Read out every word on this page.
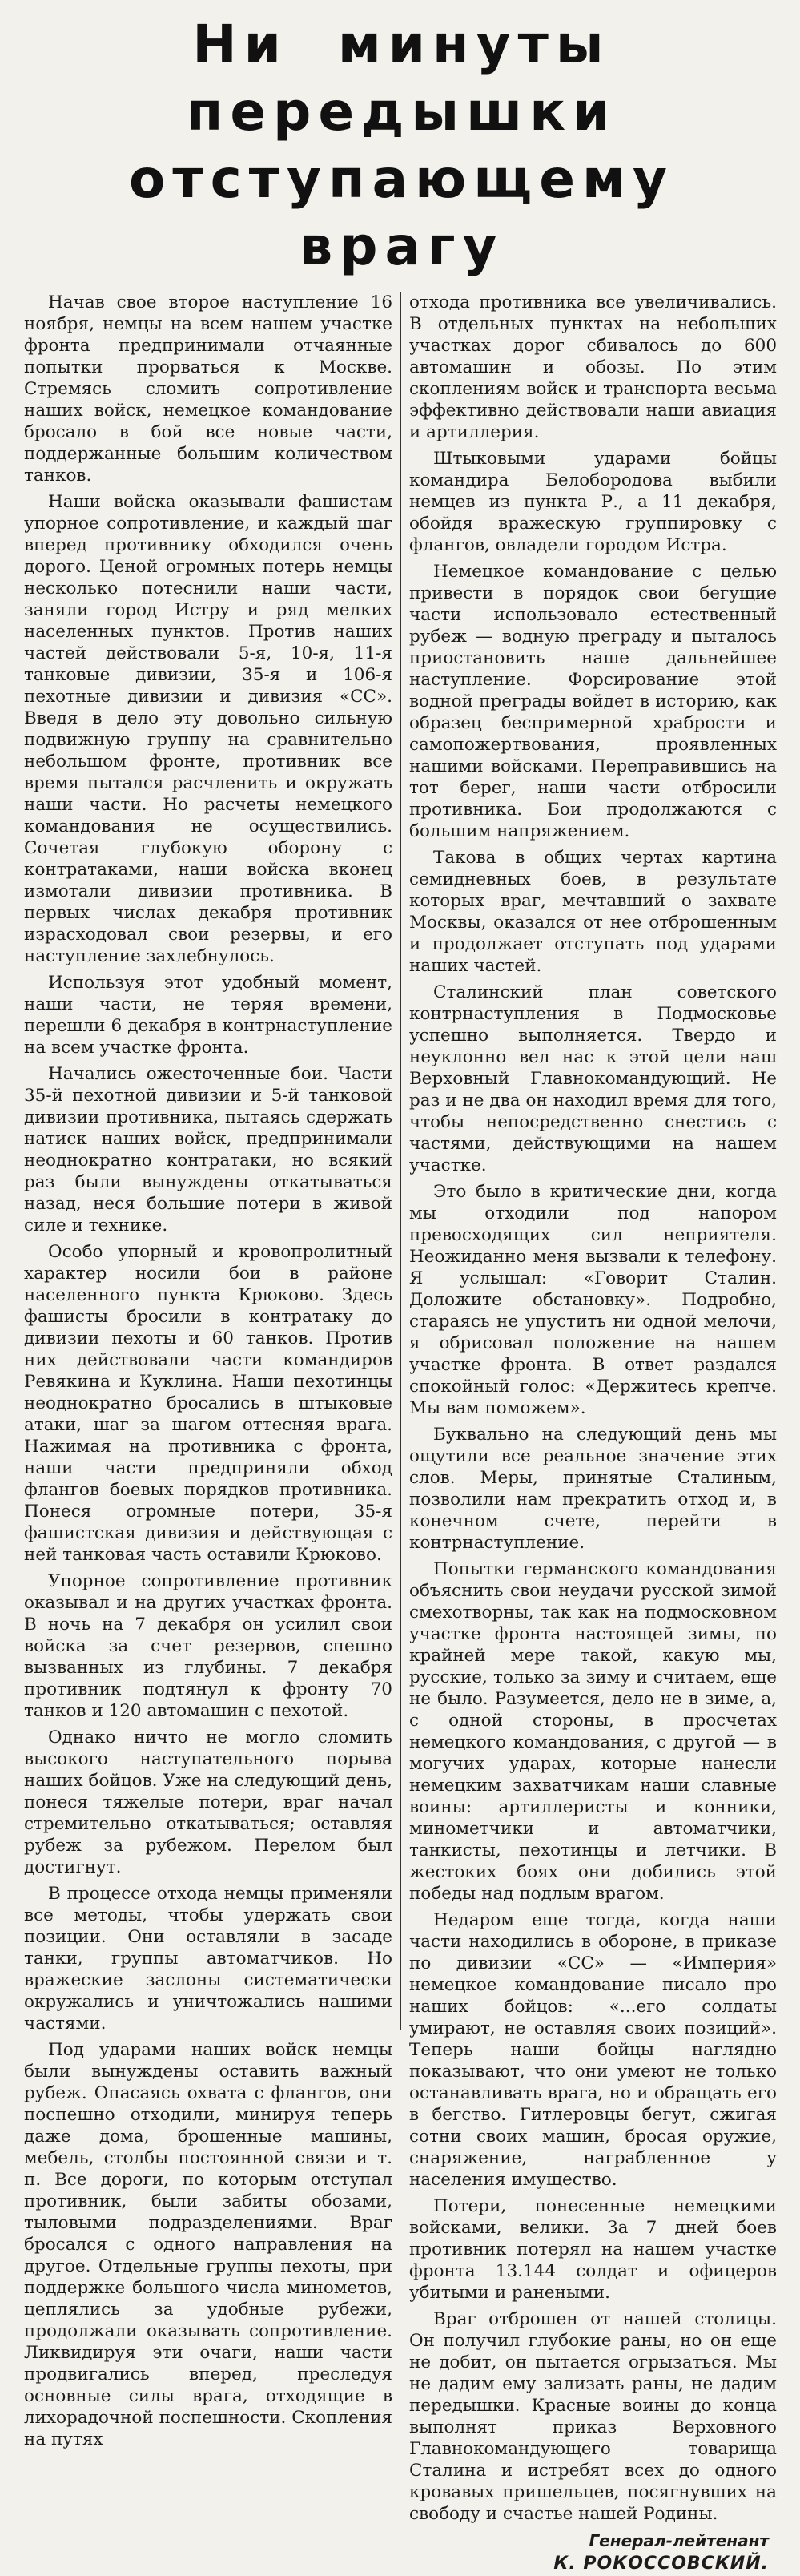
Ни минуты передышки
отступающему врагу

Начав свое второе наступление 16 ноября, немцы на всем нашем участке фронта предпринимали отчаянные попытки прорваться к Москве. Стремясь сломить сопротивление наших войск, немецкое командование бросало в бой все новые части, поддержанные большим количеством танков.

Наши войска оказывали фашистам упорное сопротивление, и каждый шаг вперед противнику обходился очень дорого. Ценой огромных потерь немцы несколько потеснили наши части, заняли город Истру и ряд мелких населенных пунктов. Против наших частей действовали 5-я, 10-я, 11-я танковые дивизии, 35-я и 106-я пехотные дивизии и дивизия «СС». Введя в дело эту довольно сильную подвижную группу на сравнительно небольшом фронте, противник все время пытался расчленить и окружать наши части. Но расчеты немецкого командования не осуществились. Сочетая глубокую оборону с контратаками, наши войска вконец измотали дивизии противника. В первых числах декабря противник израсходовал свои резервы, и его наступление захлебнулось.

Используя этот удобный момент, наши части, не теряя времени, перешли 6 декабря в контрнаступление на всем участке фронта.

Начались ожесточенные бои. Части 35-й пехотной дивизии и 5-й танковой дивизии противника, пытаясь сдержать натиск наших войск, предпринимали неоднократно контратаки, но всякий раз были вынуждены откатываться назад, неся большие потери в живой силе и технике.

Особо упорный и кровопролитный характер носили бои в районе населенного пункта Крюково. Здесь фашисты бросили в контратаку до дивизии пехоты и 60 танков. Против них действовали части командиров Ревякина и Куклина. Наши пехотинцы неоднократно бросались в штыковые атаки, шаг за шагом оттесняя врага. Нажимая на противника с фронта, наши части предприняли обход флангов боевых порядков противника. Понеся огромные потери, 35-я фашистская дивизия и действующая с ней танковая часть оставили Крюково.

Упорное сопротивление противник оказывал и на других участках фронта. В ночь на 7 декабря он усилил свои войска за счет резервов, спешно вызванных из глубины. 7 декабря противник подтянул к фронту 70 танков и 120 автомашин с пехотой.

Однако ничто не могло сломить высокого наступательного порыва наших бойцов. Уже на следующий день, понеся тяжелые потери, враг начал стремительно откатываться; оставляя рубеж за рубежом. Перелом был достигнут.

В процессе отхода немцы применяли все методы, чтобы удержать свои позиции. Они оставляли в засаде танки, группы автоматчиков. Но вражеские заслоны систематически окружались и уничтожались нашими частями.

Под ударами наших войск немцы были вынуждены оставить важный рубеж. Опасаясь охвата с флангов, они поспешно отходили, минируя теперь даже дома, брошенные машины, мебель, столбы постоянной связи и т. п. Все дороги, по которым отступал противник, были забиты обозами, тыловыми подразделениями. Враг бросался с одного направления на другое. Отдельные группы пехоты, при поддержке большого числа минометов, цеплялись за удобные рубежи, продолжали оказывать сопротивление. Ликвидируя эти очаги, наши части продвигались вперед, преследуя основные силы врага, отходящие в лихорадочной поспешности. Скопления на путях

отхода противника все увеличивались. В отдельных пунктах на небольших участках дорог сбивалось до 600 автомашин и обозы. По этим скоплениям войск и транспорта весьма эффективно действовали наши авиация и артиллерия.

Штыковыми ударами бойцы командира Белобородова выбили немцев из пункта Р., а 11 декабря, обойдя вражескую группировку с флангов, овладели городом Истра.

Немецкое командование с целью привести в порядок свои бегущие части использовало естественный рубеж — водную преграду и пыталось приостановить наше дальнейшее наступление. Форсирование этой водной преграды войдет в историю, как образец беспримерной храбрости и самопожертвования, проявленных нашими войсками. Переправившись на тот берег, наши части отбросили противника. Бои продолжаются с большим напряжением.

Такова в общих чертах картина семидневных боев, в результате которых враг, мечтавший о захвате Москвы, оказался от нее отброшенным и продолжает отступать под ударами наших частей.

Сталинский план советского контрнаступления в Подмосковье успешно выполняется. Твердо и неуклонно вел нас к этой цели наш Верховный Главнокомандующий. Не раз и не два он находил время для того, чтобы непосредственно снестись с частями, действующими на нашем участке.

Это было в критические дни, когда мы отходили под напором превосходящих сил неприятеля. Неожиданно меня вызвали к телефону. Я услышал: «Говорит Сталин. Доложите обстановку». Подробно, стараясь не упустить ни одной мелочи, я обрисовал положение на нашем участке фронта. В ответ раздался спокойный голос: «Держитесь крепче. Мы вам поможем».

Буквально на следующий день мы ощутили все реальное значение этих слов. Меры, принятые Сталиным, позволили нам прекратить отход и, в конечном счете, перейти в контрнаступление.

Попытки германского командования объяснить свои неудачи русской зимой смехотворны, так как на подмосковном участке фронта настоящей зимы, по крайней мере такой, какую мы, русские, только за зиму и считаем, еще не было. Разумеется, дело не в зиме, а, с одной стороны, в просчетах немецкого командования, с другой — в могучих ударах, которые нанесли немецким захватчикам наши славные воины: артиллеристы и конники, минометчики и автоматчики, танкисты, пехотинцы и летчики. В жестоких боях они добились этой победы над подлым врагом.

Недаром еще тогда, когда наши части находились в обороне, в приказе по дивизии «СС» — «Империя» немецкое командование писало про наших бойцов: «...его солдаты умирают, не оставляя своих позиций». Теперь наши бойцы наглядно показывают, что они умеют не только останавливать врага, но и обращать его в бегство. Гитлеровцы бегут, сжигая сотни своих машин, бросая оружие, снаряжение, награбленное у населения имущество.

Потери, понесенные немецкими войсками, велики. За 7 дней боев противник потерял на нашем участке фронта 13.144 солдат и офицеров убитыми и ранеными.

Враг отброшен от нашей столицы. Он получил глубокие раны, но он еще не добит, он пытается огрызаться. Мы не дадим ему зализать раны, не дадим передышки. Красные воины до конца выполнят приказ Верховного Главнокомандующего товарища Сталина и истребят всех до одного кровавых пришельцев, посягнувших на свободу и счастье нашей Родины.

Генерал-лейтенант
К. РОКОССОВСКИЙ.
